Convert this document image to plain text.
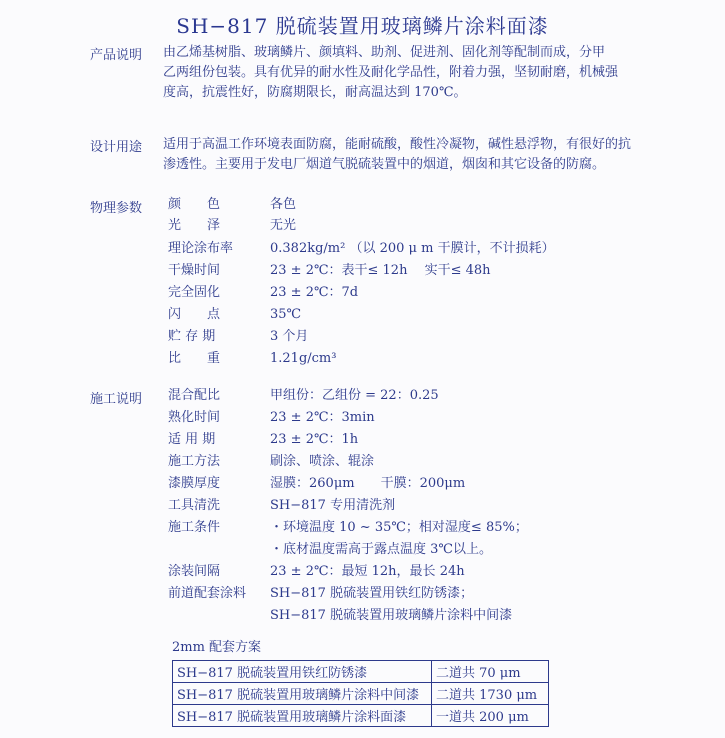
SH−817 脱硫装置用玻璃鳞片涂料面漆
产品说明 由乙烯基树脂、玻璃鳞片、颜填料、助剂、促进剂、固化剂等配制而成，分甲
乙两组份包装。具有优异的耐水性及耐化学品性，附着力强，坚韧耐磨，机械强
度高，抗震性好，防腐期限长，耐高温达到 170℃。
设计用途 适用于高温工作环境表面防腐，能耐硫酸，酸性冷凝物，碱性悬浮物，有很好的抗
渗透性。主要用于发电厂烟道气脱硫装置中的烟道，烟囱和其它设备的防腐。
物理参数 颜　　色	各色
光　　泽	无光
理论涂布率	0.382kg/m² （以 200 μ m 干膜计，不计损耗）
干燥时间	23 ± 2℃：表干≤ 12h　 实干≤ 48h
完全固化	23 ± 2℃：7d
闪　　点	35℃
贮 存 期	3 个月
比　　重	1.21g/cm³
施工说明 混合配比	甲组份：乙组份 = 22：0.25
熟化时间	23 ± 2℃：3min
适 用 期	23 ± 2℃：1h
施工方法	刷涂、喷涂、辊涂
漆膜厚度	湿膜：260μm　　干膜：200μm
工具清洗	SH−817 专用清洗剂
施工条件	・环境温度 10 ~ 35℃；相对湿度≤ 85%；
・底材温度需高于露点温度 3℃以上。
涂装间隔	23 ± 2℃：最短 12h，最长 24h
前道配套涂料	SH−817 脱硫装置用铁红防锈漆；
SH−817 脱硫装置用玻璃鳞片涂料中间漆
2mm 配套方案
SH−817 脱硫装置用铁红防锈漆	二道共 70 μm
SH−817 脱硫装置用玻璃鳞片涂料中间漆	二道共 1730 μm
SH−817 脱硫装置用玻璃鳞片涂料面漆	一道共 200 μm
